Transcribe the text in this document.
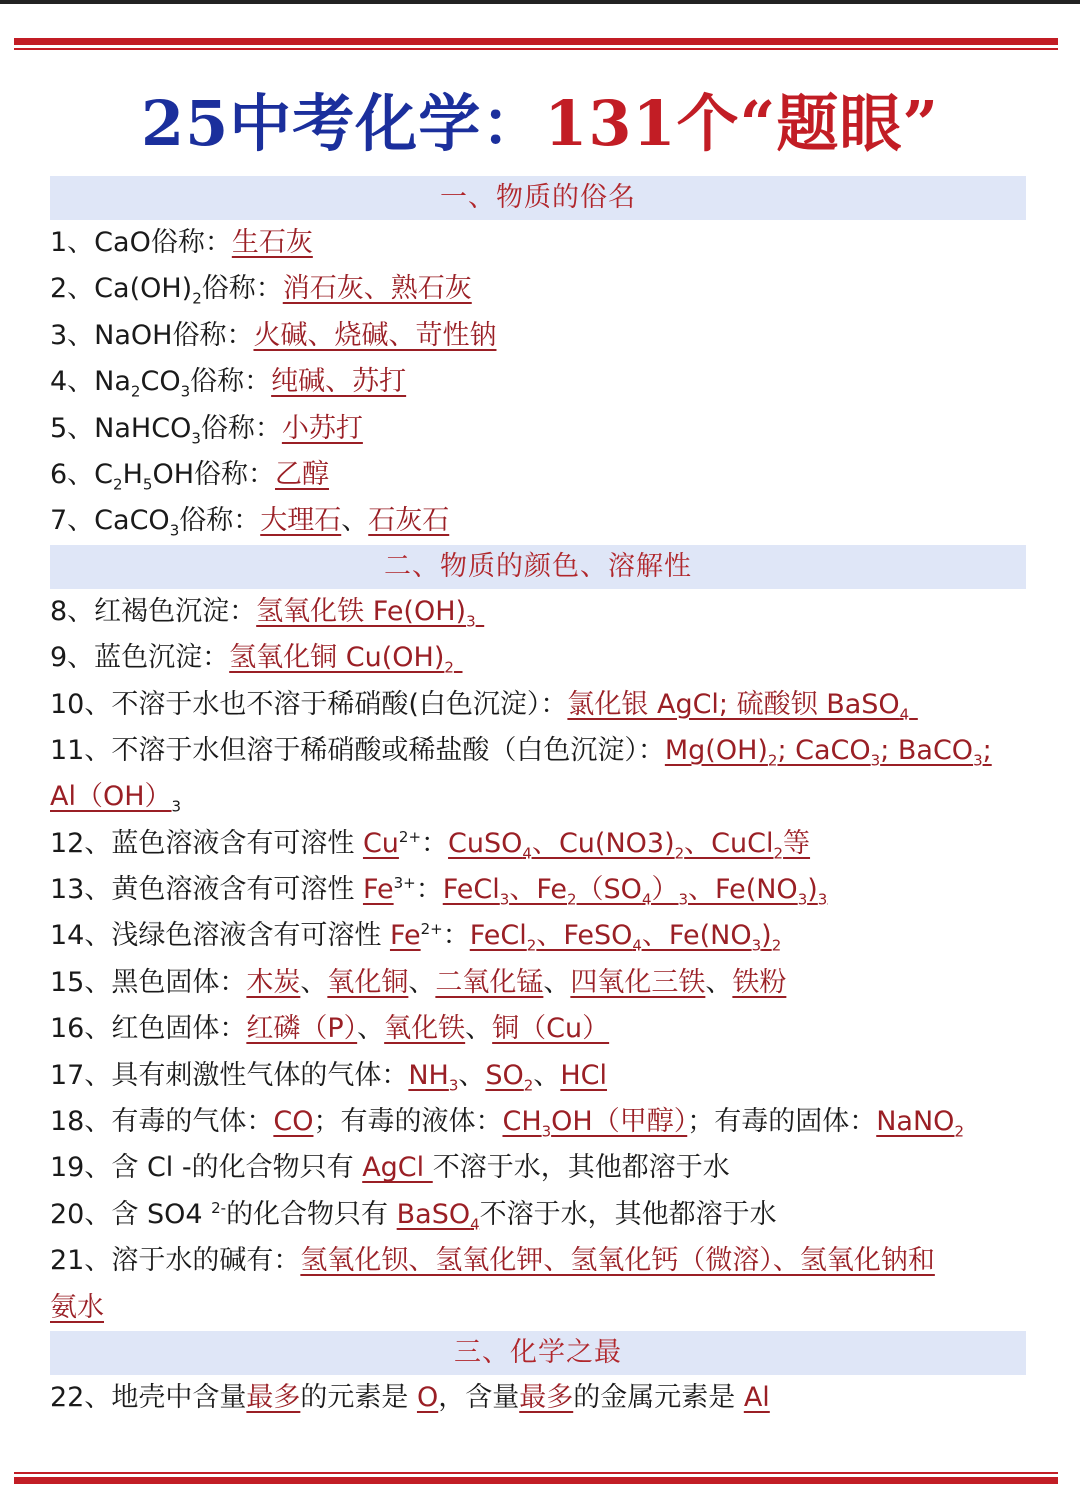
25中考化学：131个“题眼”
一、物质的俗名
1、CaO俗称：生石灰
2、$Ca(OH)_2$俗称：消石灰、熟石灰
3、NaOH俗称：火碱、烧碱、苛性钠
4、$Na_2CO_3$俗称：纯碱、苏打
5、NaHCO$_3$俗称：小苏打
6、$C_2H_5OH$俗称：乙醇
7、CaCO$_3$俗称：大理石、石灰石
二、物质的颜色、溶解性
8、红褐色沉淀：氢氧化铁 $Fe(OH)_3$
9、蓝色沉淀：氢氧化铜 $Cu(OH)_2$
10、不溶于水也不溶于稀硝酸(白色沉淀）：氯化银 AgCl; 硫酸钡 BaSO$_4$
11、不溶于水但溶于稀硝酸或稀盐酸（白色沉淀）：$Mg(OH)_2$; CaCO$_3$; BaCO$_3$;
$Al(OH)_3$
12、蓝色溶液含有可溶性 $Cu^{2+}$：CuSO$_4$、$Cu(NO3)_2$、CuCl$_2$等
13、黄色溶液含有可溶性 $Fe^{3+}$：FeCl$_3$、$Fe_2(SO_4)_3$、$Fe(NO_3)_3$
14、浅绿色溶液含有可溶性 $Fe^{2+}$：FeCl$_2$、FeSO$_4$、$Fe(NO_3)_2$
15、黑色固体：木炭、氧化铜、二氧化锰、四氧化三铁、铁粉
16、红色固体：红磷（P）、氧化铁、铜（Cu）
17、具有刺激性气体的气体：$NH_3$、$SO_2$、HCl
18、有毒的气体：CO；有毒的液体：$CH_3OH$（甲醇）；有毒的固体：NaNO$_2$
19、含 Cl -的化合物只有 AgCl 不溶于水，其他都溶于水
20、含 SO4 $^{2-}$的化合物只有 BaSO$_4$不溶于水，其他都溶于水
21、溶于水的碱有：氢氧化钡、氢氧化钾、氢氧化钙（微溶）、氢氧化钠和
氨水
三、化学之最
22、地壳中含量最多的元素是 O，含量最多的金属元素是 Al
